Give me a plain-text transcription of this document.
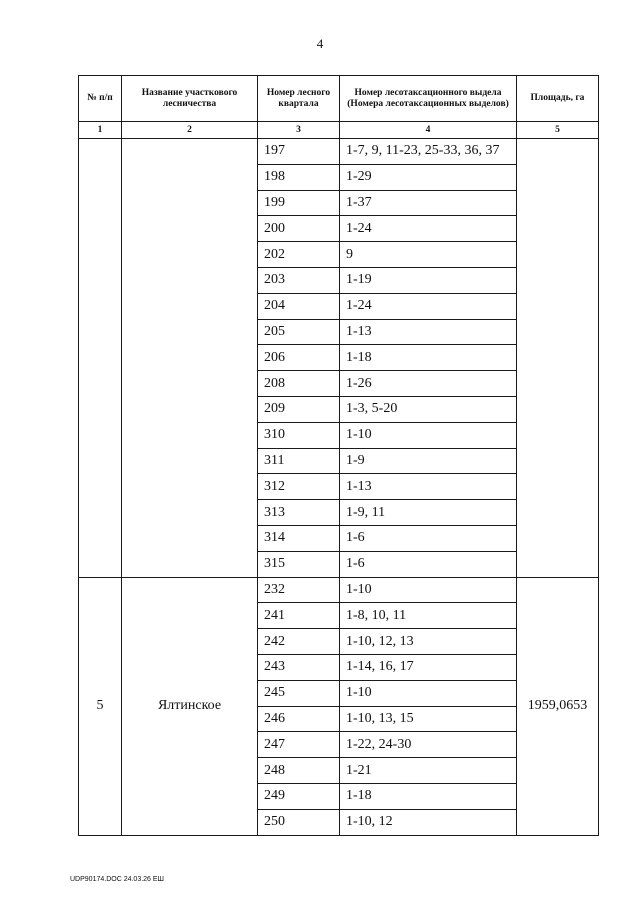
4
№ п/п	Название участкового лесничества	Номер лесного квартала	Номер лесотаксационного выдела (Номера лесотаксационных выделов)	Площадь, га
1	2	3	4	5
		197	1-7, 9, 11-23, 25-33, 36, 37	
		198	1-29	
		199	1-37	
		200	1-24	
		202	9	
		203	1-19	
		204	1-24	
		205	1-13	
		206	1-18	
		208	1-26	
		209	1-3, 5-20	
		310	1-10	
		311	1-9	
		312	1-13	
		313	1-9, 11	
		314	1-6	
		315	1-6	
5	Ялтинское	232	1-10	1959,0653
		241	1-8, 10, 11	
		242	1-10, 12, 13	
		243	1-14, 16, 17	
		245	1-10	
		246	1-10, 13, 15	
		247	1-22, 24-30	
		248	1-21	
		249	1-18	
		250	1-10, 12	
UDP90174.DOC 24.03.26 ЕШ
